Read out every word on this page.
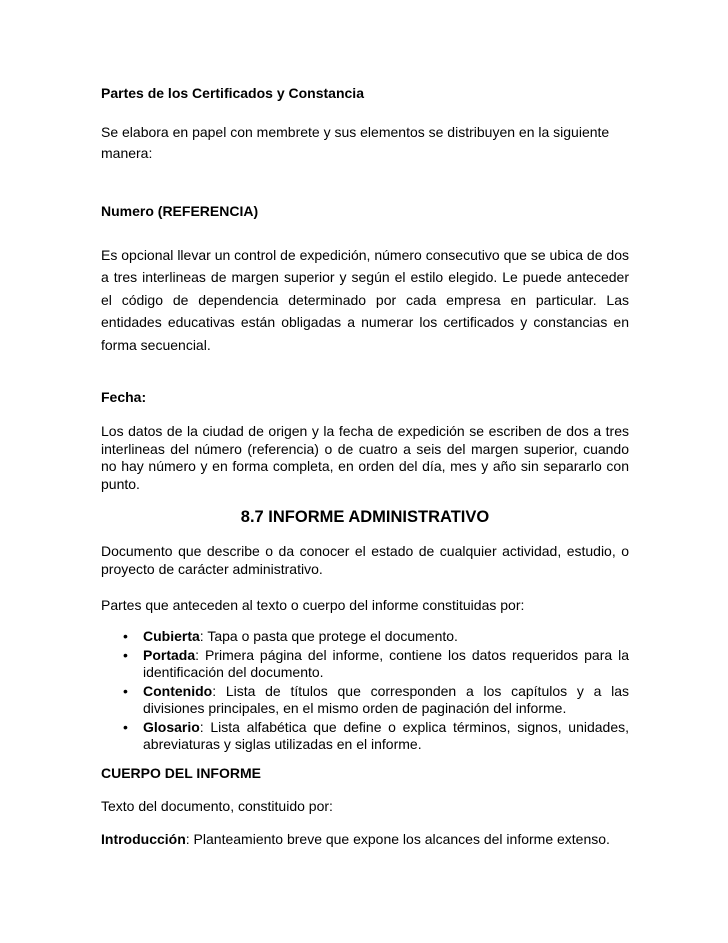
Partes de los Certificados y Constancia

Se elabora en papel con membrete y sus elementos se distribuyen en la siguiente manera:

Numero (REFERENCIA)

Es opcional llevar un control de expedición, número consecutivo que se ubica de dos a tres interlineas de margen superior y según el estilo elegido. Le puede anteceder el código de dependencia determinado por cada empresa en particular. Las entidades educativas están obligadas a numerar los certificados y constancias en forma secuencial.

Fecha:

Los datos de la ciudad de origen y la fecha de expedición se escriben de dos a tres interlineas del número (referencia) o de cuatro a seis del margen superior, cuando no hay número y en forma completa, en orden del día, mes y año sin separarlo con punto.

8.7 INFORME ADMINISTRATIVO

Documento que describe o da conocer el estado de cualquier actividad, estudio, o proyecto de carácter administrativo.

Partes que anteceden al texto o cuerpo del informe constituidas por:

• Cubierta: Tapa o pasta que protege el documento.
• Portada: Primera página del informe, contiene los datos requeridos para la identificación del documento.
• Contenido: Lista de títulos que corresponden a los capítulos y a las divisiones principales, en el mismo orden de paginación del informe.
• Glosario: Lista alfabética que define o explica términos, signos, unidades, abreviaturas y siglas utilizadas en el informe.

CUERPO DEL INFORME

Texto del documento, constituido por:

Introducción: Planteamiento breve que expone los alcances del informe extenso.
